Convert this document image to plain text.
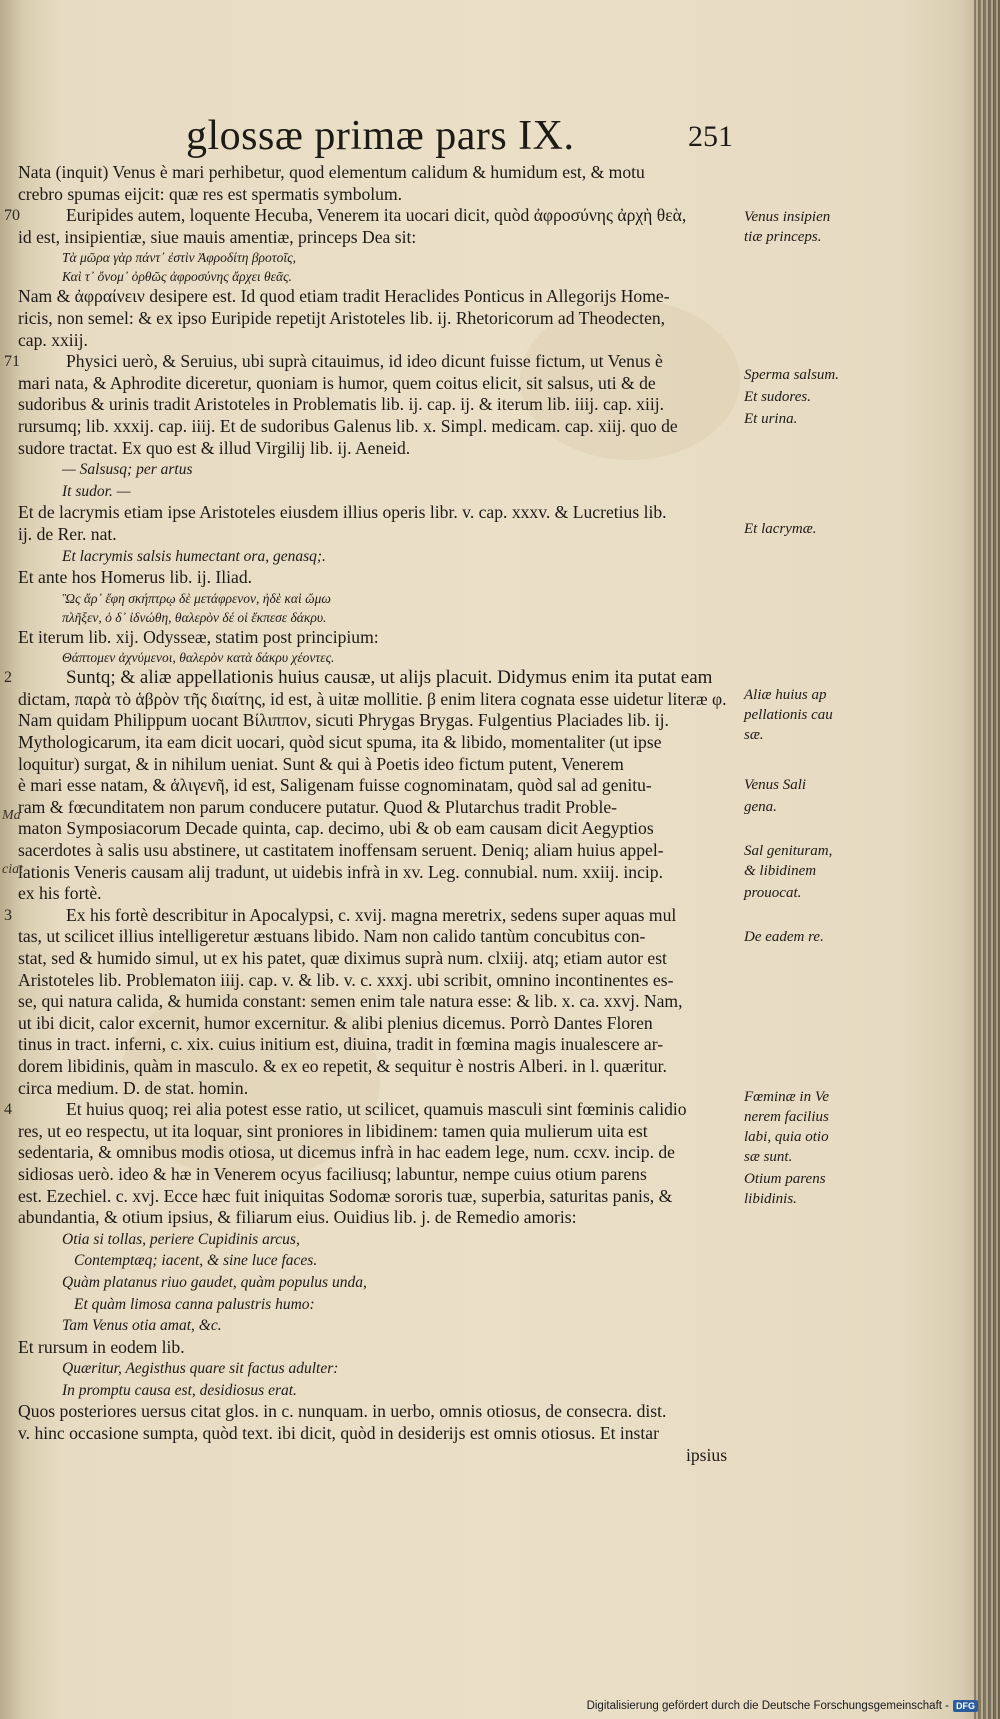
glossæ primæ pars IX.	251
Nata (inquit) Venus è mari perhibetur, quod elementum calidum & humidum est, & motu
crebro spumas eijcit: quæ res est spermatis symbolum.
70	Euripides autem, loquente Hecuba, Venerem ita uocari dicit, quòd ἀφροσύνης ἀρχὴ θεὰ,
id est, insipientiæ, siue mauis amentiæ, princeps Dea sit:
Τὰ μῶρα γὰρ πάντ᾽ ἐστὶν Ἀφροδίτη βροτοῖς,
Καὶ τ᾽ ὄνομ᾽ ὀρθῶς ἀφροσύνης ἄρχει θεᾶς.
Nam & ἀφραίνειν desipere est. Id quod etiam tradit Heraclides Ponticus in Allegorijs Home-
ricis, non semel: & ex ipso Euripide repetijt Aristoteles lib. ij. Rhetoricorum ad Theodecten,
cap. xxiij.
71	Physici uerò, & Seruius, ubi suprà citauimus, id ideo dicunt fuisse fictum, ut Venus è
mari nata, & Aphrodite diceretur, quoniam is humor, quem coitus elicit, sit salsus, uti & de
sudoribus & urinis tradit Aristoteles in Problematis lib. ij. cap. ij. & iterum lib. iiij. cap. xiij.
rursumq; lib. xxxij. cap. iiij. Et de sudoribus Galenus lib. x. Simpl. medicam. cap. xiij. quo de
sudore tractat. Ex quo est & illud Virgilij lib. ij. Aeneid.
— Salsusq; per artus
It sudor. —
Et de lacrymis etiam ipse Aristoteles eiusdem illius operis libr. v. cap. xxxv. & Lucretius lib.
ij. de Rer. nat.
Et lacrymis salsis humectant ora, genasq;.
Et ante hos Homerus lib. ij. Iliad.
Ὣς ἄρ᾽ ἔφη σκήπτρῳ δὲ μετάφρενον, ἠδὲ καὶ ὤμω
πλῆξεν, ὁ δ᾽ ἰδνώθη, θαλερὸν δέ οἱ ἔκπεσε δάκρυ.
Et iterum lib. xij. Odysseæ, statim post principium:
Θάπτομεν ἀχνύμενοι, θαλερὸν κατὰ δάκρυ χέοντες.
2	Suntq; & aliæ appellationis huius causæ, ut alijs placuit. Didymus enim ita putat eam
dictam, παρὰ τὸ ἁβρὸν τῆς διαίτης, id est, à uitæ mollitie. β enim litera cognata esse uidetur literæ φ.
Nam quidam Philippum uocant Βίλιππον, sicuti Phrygas Brygas. Fulgentius Placiades lib. ij.
Mythologicarum, ita eam dicit uocari, quòd sicut spuma, ita & libido, momentaliter (ut ipse
loquitur) surgat, & in nihilum ueniat. Sunt & qui à Poetis ideo fictum putent, Venerem
è mari esse natam, & ἁλιγενῆ, id est, Saligenam fuisse cognominatam, quòd sal ad genitu-
ram & fœcunditatem non parum conducere putatur. Quod & Plutarchus tradit Proble-
maton Symposiacorum Decade quinta, cap. decimo, ubi & ob eam causam dicit Aegyptios
sacerdotes à salis usu abstinere, ut castitatem inoffensam seruent. Deniq; aliam huius appel-
lationis Veneris causam alij tradunt, ut uidebis infrà in xv. Leg. connubial. num. xxiij. incip.
ex his fortè.
3	Ex his fortè describitur in Apocalypsi, c. xvij. magna meretrix, sedens super aquas mul
tas, ut scilicet illius intelligeretur æstuans libido. Nam non calido tantùm concubitus con-
stat, sed & humido simul, ut ex his patet, quæ diximus suprà num. clxiij. atq; etiam autor est
Aristoteles lib. Problematon iiij. cap. v. & lib. v. c. xxxj. ubi scribit, omnino incontinentes es-
se, qui natura calida, & humida constant: semen enim tale natura esse: & lib. x. ca. xxvj. Nam,
ut ibi dicit, calor excernit, humor excernitur. & alibi plenius dicemus. Porrò Dantes Floren
tinus in tract. inferni, c. xix. cuius initium est, diuina, tradit in fœmina magis inualescere ar-
dorem libidinis, quàm in masculo. & ex eo repetit, & sequitur è nostris Alberi. in l. quæritur.
circa medium. D. de stat. homin.
4	Et huius quoq; rei alia potest esse ratio, ut scilicet, quamuis masculi sint fœminis calidio
res, ut eo respectu, ut ita loquar, sint proniores in libidinem: tamen quia mulierum uita est
sedentaria, & omnibus modis otiosa, ut dicemus infrà in hac eadem lege, num. ccxv. incip. de
sidiosas uerò. ideo & hæ in Venerem ocyus faciliusq; labuntur, nempe cuius otium parens
est. Ezechiel. c. xvj. Ecce hæc fuit iniquitas Sodomæ sororis tuæ, superbia, saturitas panis, &
abundantia, & otium ipsius, & filiarum eius. Ouidius lib. j. de Remedio amoris:
Otia si tollas, periere Cupidinis arcus,
Contemptæq; iacent, & sine luce faces.
Quàm platanus riuo gaudet, quàm populus unda,
Et quàm limosa canna palustris humo:
Tam Venus otia amat, &c.
Et rursum in eodem lib.
Quæritur, Aegisthus quare sit factus adulter:
In promptu causa est, desidiosus erat.
Quos posteriores uersus citat glos. in c. nunquam. in uerbo, omnis otiosus, de consecra. dist.
v. hinc occasione sumpta, quòd text. ibi dicit, quòd in desiderijs est omnis otiosus. Et instar
ipsius
Ma
ciat
Venus insipien
tiæ princeps.
Sperma salsum.
Et sudores.
Et urina.
Et lacrymæ.
Aliæ huius ap
pellationis cau
sæ.
Venus Sali
gena.
Sal genituram,
& libidinem
prouocat.
De eadem re.
Fœminæ in Ve
nerem facilius
labi, quia otio
sæ sunt.
Otium parens
libidinis.
Digitalisierung gefördert durch die Deutsche Forschungsgemeinschaft - DFG
